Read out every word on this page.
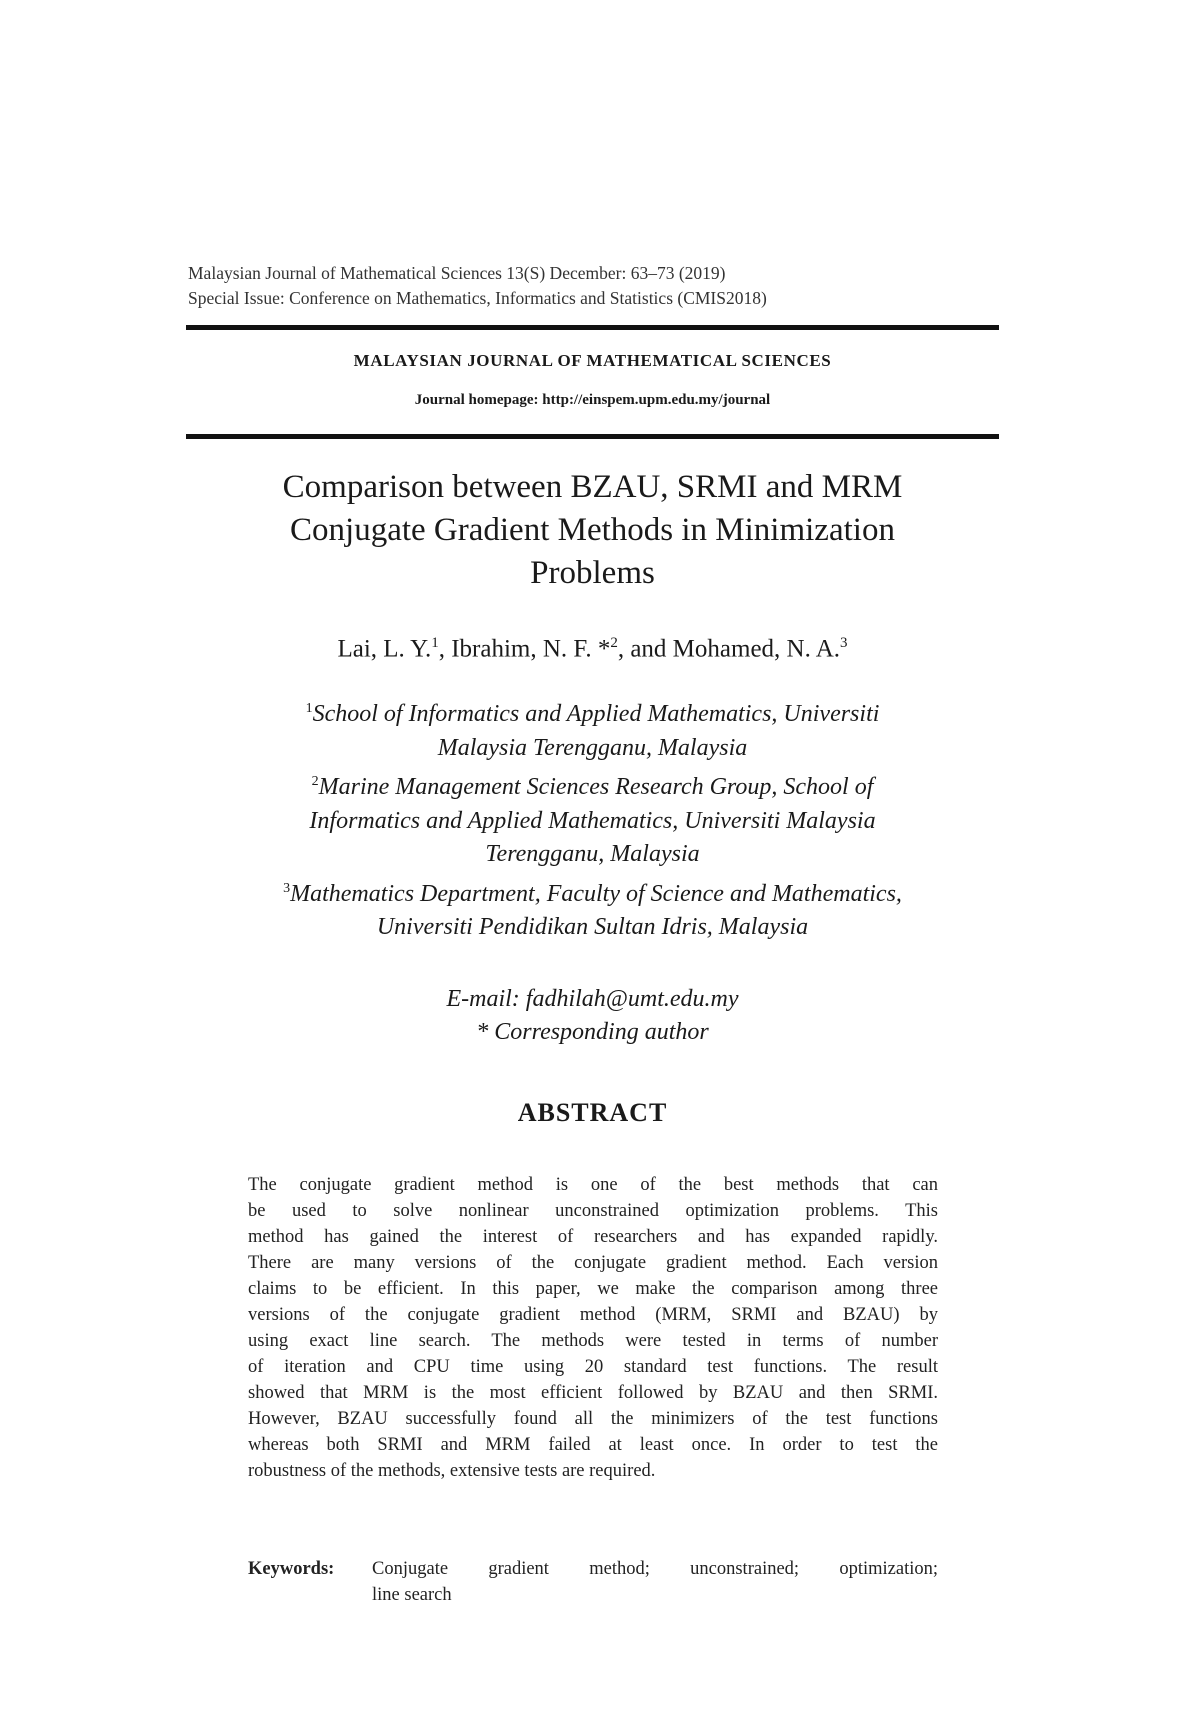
Malaysian Journal of Mathematical Sciences 13(S) December: 63–73 (2019)
Special Issue: Conference on Mathematics, Informatics and Statistics (CMIS2018)
MALAYSIAN JOURNAL OF MATHEMATICAL SCIENCES
Journal homepage: http://einspem.upm.edu.my/journal
Comparison between BZAU, SRMI and MRM
Conjugate Gradient Methods in Minimization
Problems
Lai, L. Y.$^1$, Ibrahim, N. F. *$^2$, and Mohamed, N. A.$^3$
$^1$School of Informatics and Applied Mathematics, Universiti
Malaysia Terengganu, Malaysia
$^2$Marine Management Sciences Research Group, School of
Informatics and Applied Mathematics, Universiti Malaysia
Terengganu, Malaysia
$^3$Mathematics Department, Faculty of Science and Mathematics,
Universiti Pendidikan Sultan Idris, Malaysia
E-mail: fadhilah@umt.edu.my
* Corresponding author
ABSTRACT
The conjugate gradient method is one of the best methods that can
be used to solve nonlinear unconstrained optimization problems. This
method has gained the interest of researchers and has expanded rapidly.
There are many versions of the conjugate gradient method. Each version
claims to be efficient. In this paper, we make the comparison among three
versions of the conjugate gradient method (MRM, SRMI and BZAU) by
using exact line search. The methods were tested in terms of number
of iteration and CPU time using 20 standard test functions. The result
showed that MRM is the most efficient followed by BZAU and then SRMI.
However, BZAU successfully found all the minimizers of the test functions
whereas both SRMI and MRM failed at least once. In order to test the
robustness of the methods, extensive tests are required.
Keywords: Conjugate gradient method; unconstrained; optimization;
line search
